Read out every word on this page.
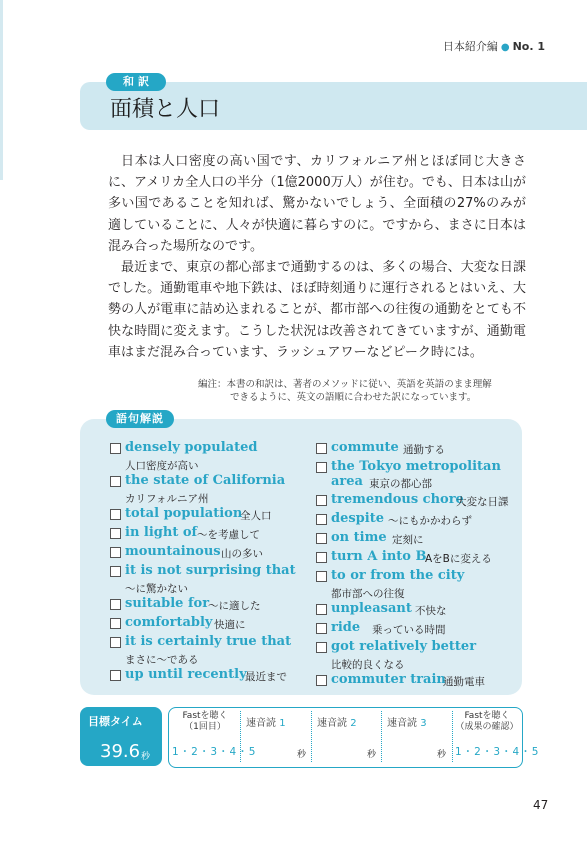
日本紹介編 ● No. 1
和訳
面積と人口

日本は人口密度の高い国です、カリフォルニア州とほぼ同じ大きさに、アメリカ全人口の半分（1億2000万人）が住む。でも、日本は山が多い国であることを知れば、驚かないでしょう、全面積の27%のみが適していることに、人々が快適に暮らすのに。ですから、まさに日本は混み合った場所なのです。

最近まで、東京の都心部まで通勤するのは、多くの場合、大変な日課でした。通勤電車や地下鉄は、ほぼ時刻通りに運行されるとはいえ、大勢の人が電車に詰め込まれることが、都市部への往復の通勤をとても不快な時間に変えます。こうした状況は改善されてきていますが、通勤電車はまだ混み合っています、ラッシュアワーなどピーク時には。

編注：本書の和訳は、著者のメソッドに従い、英語を英語のまま理解
できるように、英文の語順に合わせた訳になっています。
語句解説
densely populated
人口密度が高い
the state of California
カリフォルニア州
total population
全人口
in light of ～を考慮して
mountainous 山の多い
it is not surprising that
～に驚かない
suitable for
～に適した
comfortably 快適に
it is certainly true that
まさに～である
up until recently
最近まで
commute 通勤する
the Tokyo metropolitan
area 東京の都心部
tremendous chore
大変な日課
despite ～にもかかわらず
on time 定刻に
turn A into B
AをBに変える
to or from the city
都市部への往復
unpleasant 不快な
ride 乗っている時間
got relatively better
比較的良くなる
commuter train
通勤電車
目標タイム
39.6 秒
Fastを聴く
（1回目）
1・2・3・4・5
速音読 1
秒
速音読 2
秒
速音読 3
秒
Fastを聴く
（成果の確認）
1・2・3・4・5
47
